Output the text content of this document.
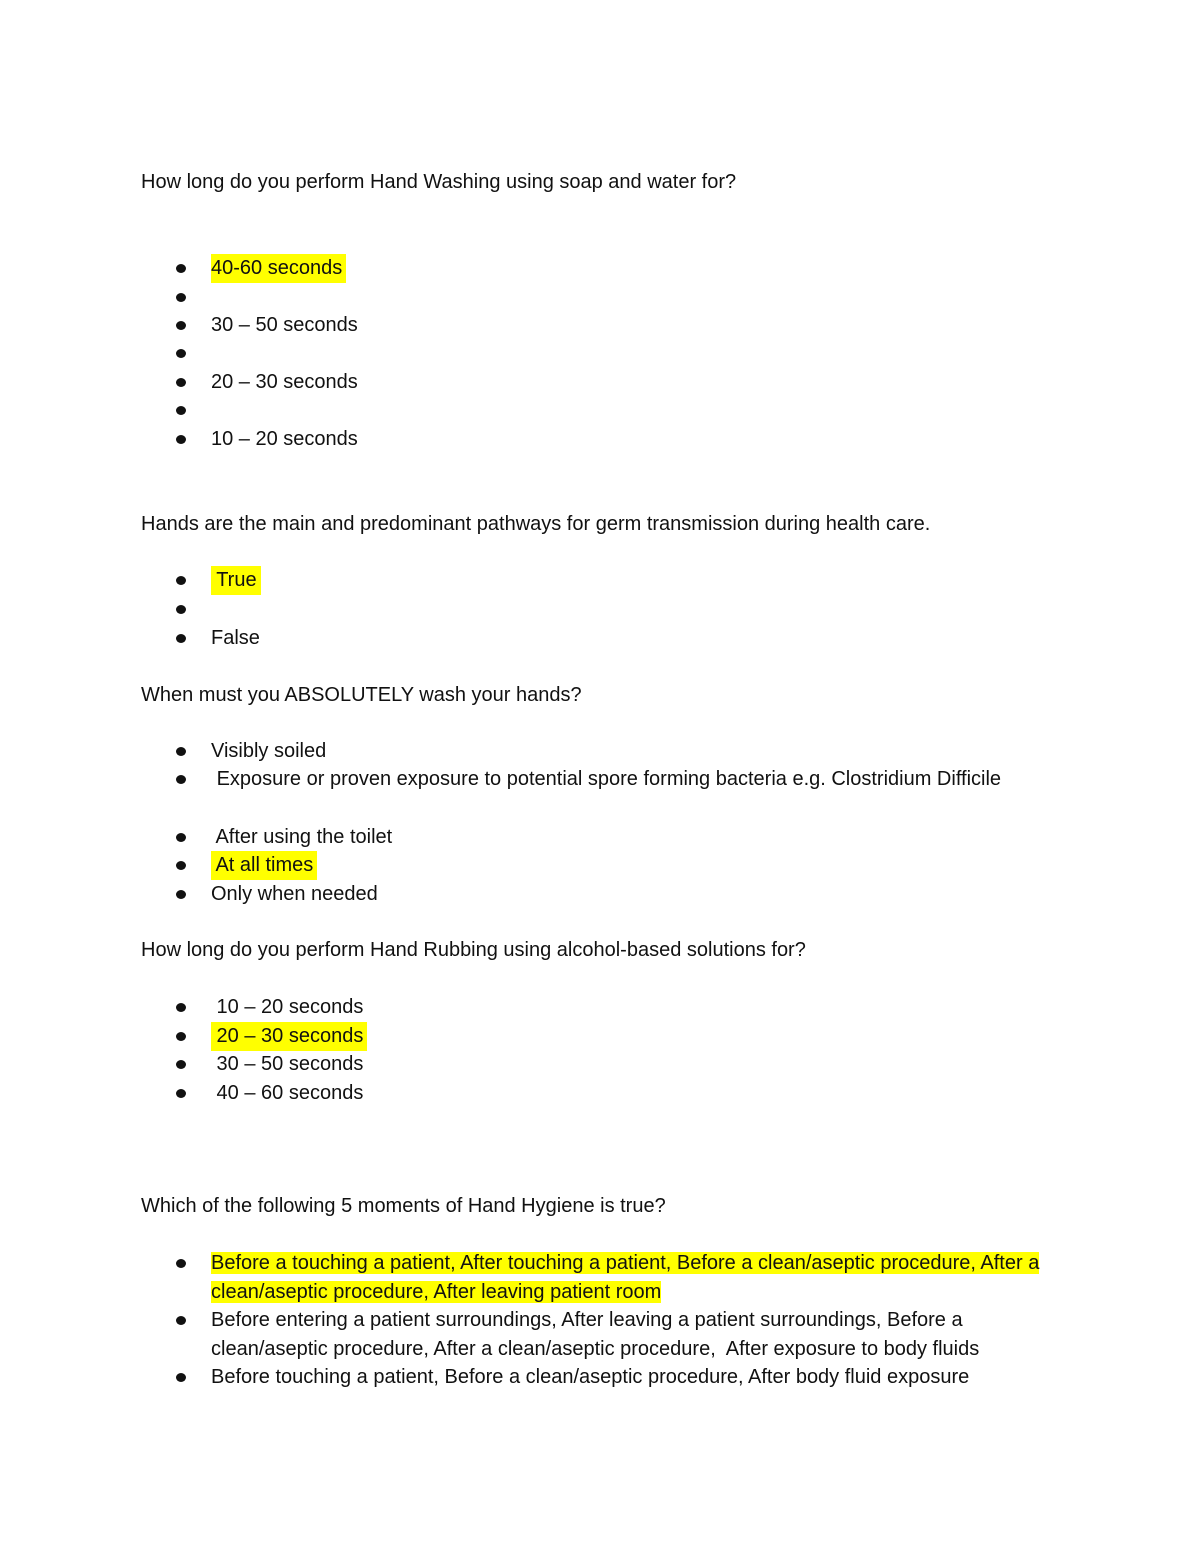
How long do you perform Hand Washing using soap and water for?

40-60 seconds
30 – 50 seconds
20 – 30 seconds
10 – 20 seconds

Hands are the main and predominant pathways for germ transmission during health care.

True
False

When must you ABSOLUTELY wash your hands?

Visibly soiled
Exposure or proven exposure to potential spore forming bacteria e.g. Clostridium Difficile
After using the toilet
At all times
Only when needed

How long do you perform Hand Rubbing using alcohol-based solutions for?

10 – 20 seconds
20 – 30 seconds
30 – 50 seconds
40 – 60 seconds

Which of the following 5 moments of Hand Hygiene is true?

Before a touching a patient, After touching a patient, Before a clean/aseptic procedure, After a clean/aseptic procedure, After leaving patient room
Before entering a patient surroundings, After leaving a patient surroundings, Before a clean/aseptic procedure, After a clean/aseptic procedure,  After exposure to body fluids
Before touching a patient, Before a clean/aseptic procedure, After body fluid exposure
